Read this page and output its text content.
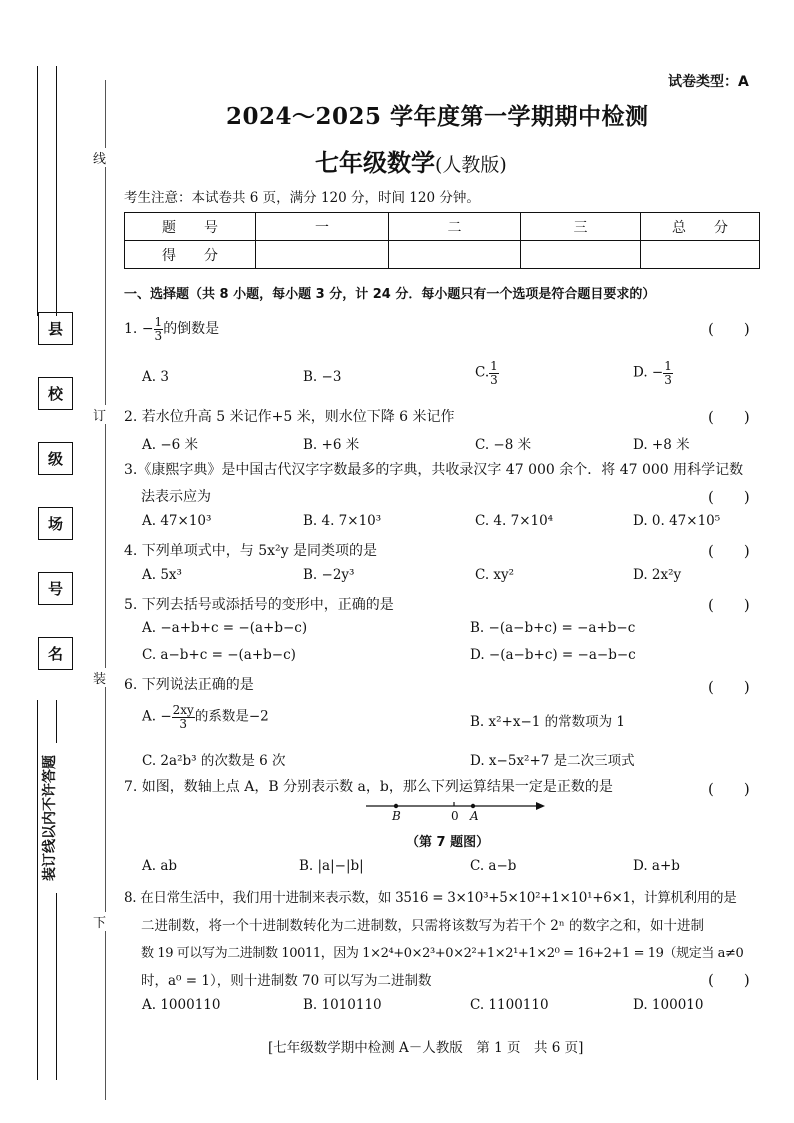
县
校
级
场
号
名
线
订
装
下
装订线以内不许答题
试卷类型：A
2024～2025 学年度第一学期期中检测
七年级数学(人教版)
考生注意：本试卷共 6 页，满分 120 分，时间 120 分钟。
题　　号	一	二	三	总　　分
得　　分				
一、选择题（共 8 小题，每小题 3 分，计 24 分．每小题只有一个选项是符合题目要求的）
1. − $\frac{1}{3}$ 的倒数是	(　　)
A. 3	B. −3	C. $\frac{1}{3}$	D. − $\frac{1}{3}$
2. 若水位升高 5 米记作+5 米，则水位下降 6 米记作	(　　)
A. −6 米	B. +6 米	C. −8 米	D. +8 米
3.《康熙字典》是中国古代汉字字数最多的字典，共收录汉字 47 000 余个．将 47 000 用科学记数
法表示应为	(　　)
A. 47×10³	B. 4. 7×10³	C. 4. 7×10⁴	D. 0. 47×10⁵
4. 下列单项式中，与 5x²y 是同类项的是	(　　)
A. 5x³	B. −2y³	C. xy²	D. 2x²y
5. 下列去括号或添括号的变形中，正确的是	(　　)
A. −a+b+c = −(a+b−c)	B. −(a−b+c) = −a+b−c
C. a−b+c = −(a+b−c)	D. −(a−b+c) = −a−b−c
6. 下列说法正确的是	(　　)
A. − $\frac{2xy}{3}$ 的系数是−2	B. x²+x−1 的常数项为 1
C. 2a²b³ 的次数是 6 次	D. x−5x²+7 是二次三项式
7. 如图，数轴上点 A，B 分别表示数 a，b，那么下列运算结果一定是正数的是	(　　)
B	0 A
（第 7 题图）
A. ab	B. |a|−|b|	C. a−b	D. a+b
8. 在日常生活中，我们用十进制来表示数，如 3516 = 3×10³+5×10²+1×10¹+6×1，计算机利用的是
二进制数，将一个十进制数转化为二进制数，只需将该数写为若干个 2ⁿ 的数字之和，如十进制
数 19 可以写为二进制数 10011，因为 1×2⁴+0×2³+0×2²+1×2¹+1×2⁰ = 16+2+1 = 19（规定当 a≠0
时，a⁰ = 1），则十进制数 70 可以写为二进制数	(　　)
A. 1000110	B. 1010110	C. 1100110	D. 100010
[七年级数学期中检测 A－人教版　第 1 页　共 6 页]
